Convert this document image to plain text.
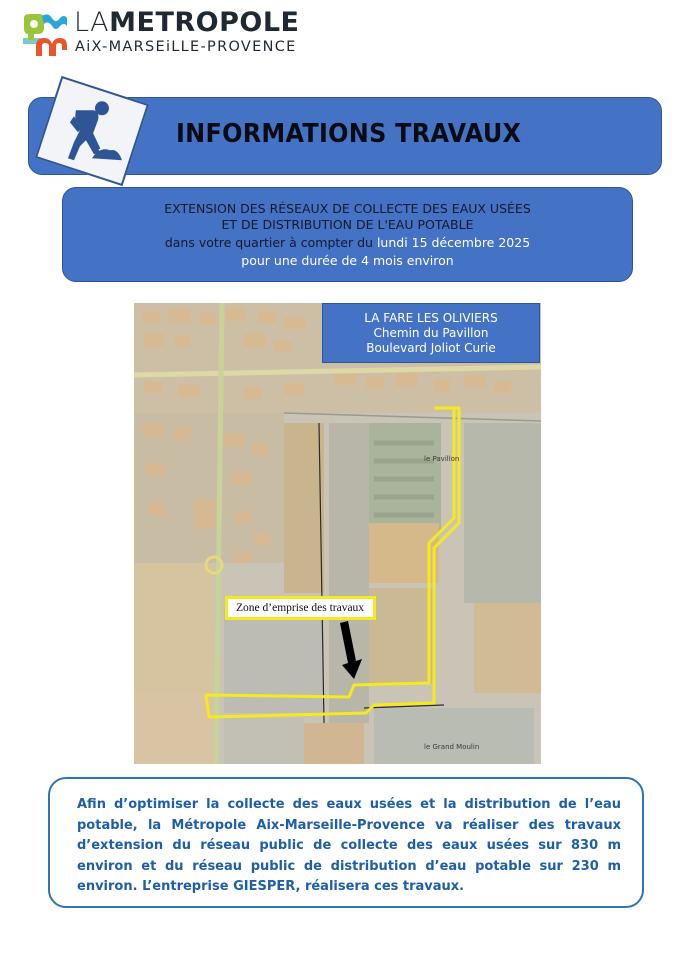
LAMETROPOLE
AiX-MARSEiLLE-PROVENCE
INFORMATIONS TRAVAUX
EXTENSION DES RÉSEAUX DE COLLECTE DES EAUX USÉES
ET DE DISTRIBUTION DE L'EAU POTABLE
dans votre quartier à compter du lundi 15 décembre 2025
pour une durée de 4 mois environ
LA FARE LES OLIVIERS
Chemin du Pavillon
Boulevard Joliot Curie
Zone d’emprise des travaux
le Pavillon
le Grand Moulin
Afin d’optimiser la collecte des eaux usées et la distribution de l’eau potable, la Métropole Aix-Marseille-Provence va réaliser des travaux d’extension du réseau public de collecte des eaux usées sur 830 m environ et du réseau public de distribution d’eau potable sur 230 m environ. L’entreprise GIESPER, réalisera ces travaux.
